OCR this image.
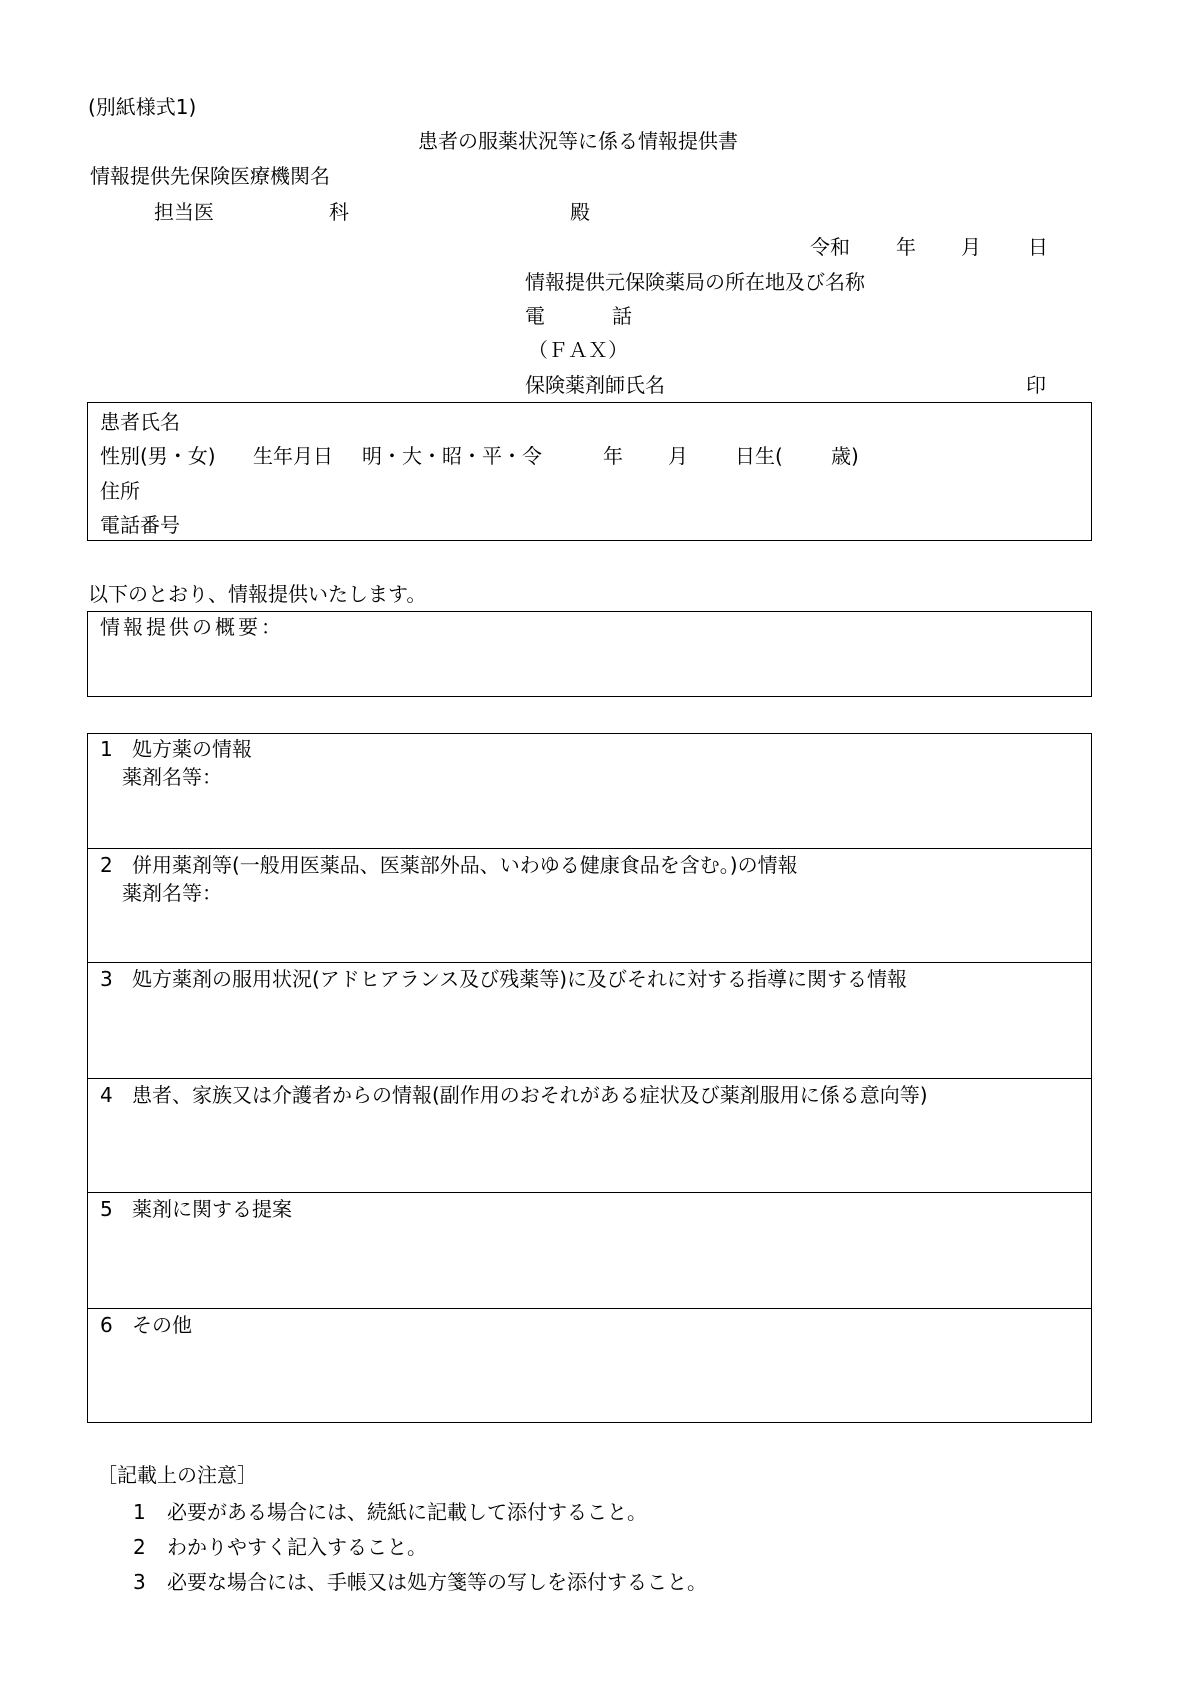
(別紙様式1)
患者の服薬状況等に係る情報提供書
情報提供先保険医療機関名
担当医	科	殿
令和 年 月 日
情報提供元保険薬局の所在地及び名称
電	話
（ＦＡＸ）
保険薬剤師氏名	印
患者氏名
性別(男・女) 生年月日 明・大・昭・平・令	年 月 日生( 歳)
住所
電話番号
以下のとおり、情報提供いたします。
情報提供の概要：
1 処方薬の情報
薬剤名等：
2 併用薬剤等(一般用医薬品、医薬部外品、いわゆる健康食品を含む。)の情報
薬剤名等：
3 処方薬剤の服用状況(アドヒアランス及び残薬等)に及びそれに対する指導に関する情報
4 患者、家族又は介護者からの情報(副作用のおそれがある症状及び薬剤服用に係る意向等)
5 薬剤に関する提案
6 その他
［記載上の注意］
1 必要がある場合には、続紙に記載して添付すること。
2 わかりやすく記入すること。
3 必要な場合には、手帳又は処方箋等の写しを添付すること。
